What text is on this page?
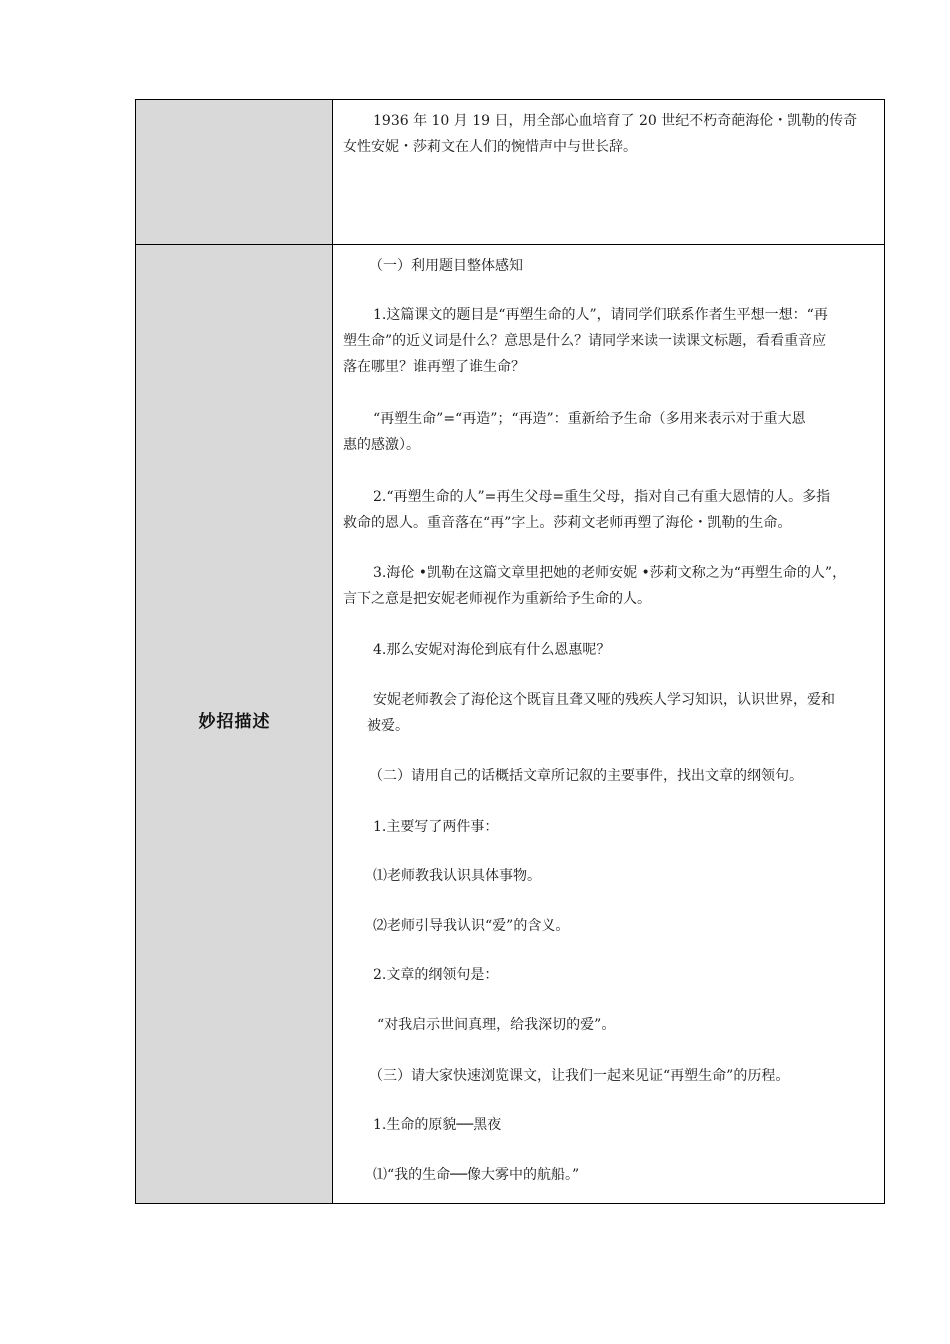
1936 年 10 月 19 日，用全部心血培育了 20 世纪不朽奇葩海伦・凯勒的传奇

女性安妮・莎莉文在人们的惋惜声中与世长辞。

妙招描述

（一）利用题目整体感知

1.这篇课文的题目是“再塑生命的人”，请同学们联系作者生平想一想：“再

塑生命”的近义词是什么？意思是什么？请同学来读一读课文标题，看看重音应

落在哪里？谁再塑了谁生命？

“再塑生命”=“再造”；“再造”：重新给予生命（多用来表示对于重大恩

惠的感激）。

2.“再塑生命的人”=再生父母=重生父母，指对自己有重大恩情的人。多指

救命的恩人。重音落在“再”字上。莎莉文老师再塑了海伦・凯勒的生命。

3.海伦 •凯勒在这篇文章里把她的老师安妮 •莎莉文称之为“再塑生命的人”，

言下之意是把安妮老师视作为重新给予生命的人。

4.那么安妮对海伦到底有什么恩惠呢？

安妮老师教会了海伦这个既盲且聋又哑的残疾人学习知识，认识世界，爱和

被爱。

（二）请用自己的话概括文章所记叙的主要事件，找出文章的纲领句。

1.主要写了两件事：

⑴老师教我认识具体事物。

⑵老师引导我认识“爱”的含义。

2.文章的纲领句是：

“对我启示世间真理，给我深切的爱”。

（三）请大家快速浏览课文，让我们一起来见证“再塑生命”的历程。

1.生命的原貌──黑夜

⑴“我的生命──像大雾中的航船。”
